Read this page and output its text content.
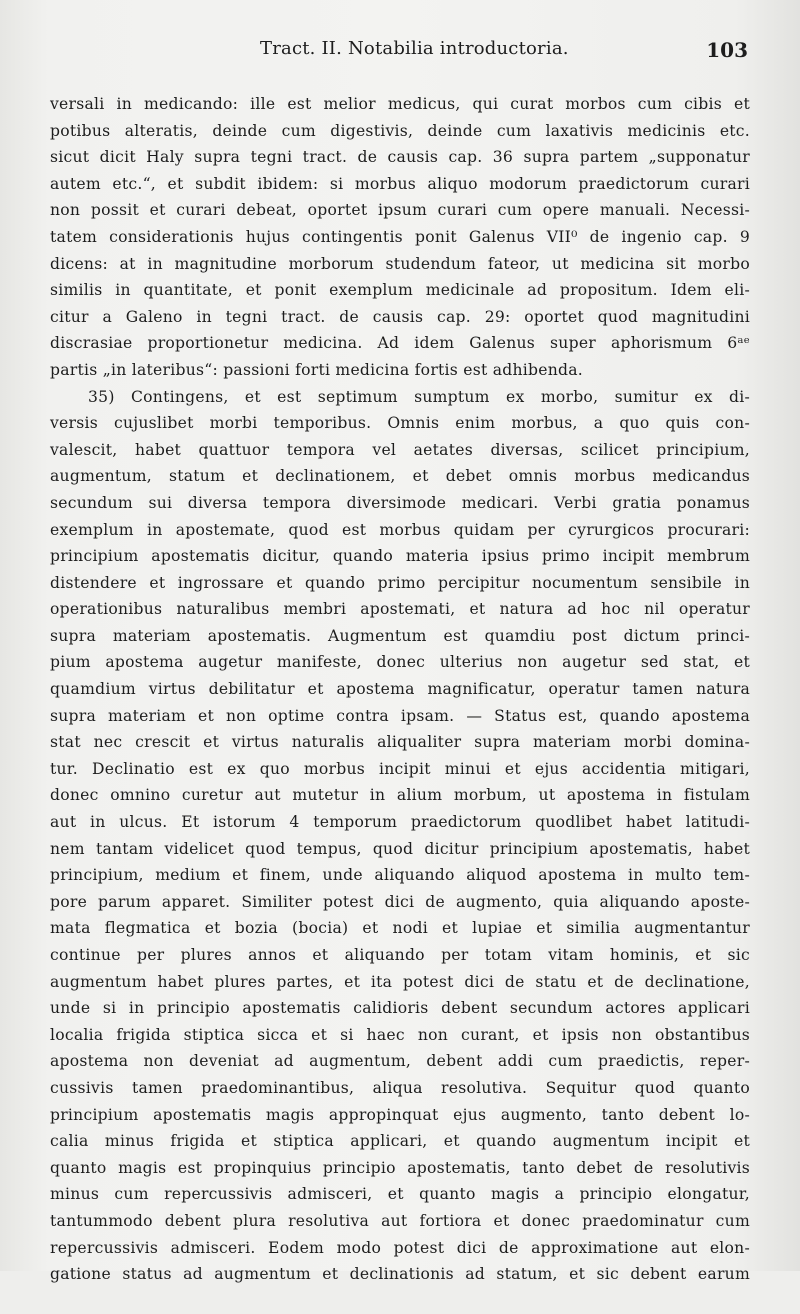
Tract. II. Notabilia introductoria.	103
versali in medicando: ille est melior medicus, qui curat morbos cum cibis et
potibus alteratis, deinde cum digestivis, deinde cum laxativis medicinis etc.
sicut dicit Haly supra tegni tract. de causis cap. 36 supra partem „supponatur
autem etc.“, et subdit ibidem: si morbus aliquo modorum praedictorum curari
non possit et curari debeat, oportet ipsum curari cum opere manuali. Necessi-
tatem considerationis hujus contingentis ponit Galenus VII⁰ de ingenio cap. 9
dicens: at in magnitudine morborum studendum fateor, ut medicina sit morbo
similis in quantitate, et ponit exemplum medicinale ad propositum. Idem eli-
citur a Galeno in tegni tract. de causis cap. 29: oportet quod magnitudini
discrasiae proportionetur medicina. Ad idem Galenus super aphorismum 6ᵃᵉ
partis „in lateribus“: passioni forti medicina fortis est adhibenda.
35) Contingens, et est septimum sumptum ex morbo, sumitur ex di-
versis cujuslibet morbi temporibus. Omnis enim morbus, a quo quis con-
valescit, habet quattuor tempora vel aetates diversas, scilicet principium,
augmentum, statum et declinationem, et debet omnis morbus medicandus
secundum sui diversa tempora diversimode medicari. Verbi gratia ponamus
exemplum in apostemate, quod est morbus quidam per cyrurgicos procurari:
principium apostematis dicitur, quando materia ipsius primo incipit membrum
distendere et ingrossare et quando primo percipitur nocumentum sensibile in
operationibus naturalibus membri apostemati, et natura ad hoc nil operatur
supra materiam apostematis. Augmentum est quamdiu post dictum princi-
pium apostema augetur manifeste, donec ulterius non augetur sed stat, et
quamdium virtus debilitatur et apostema magnificatur, operatur tamen natura
supra materiam et non optime contra ipsam. — Status est, quando apostema
stat nec crescit et virtus naturalis aliqualiter supra materiam morbi domina-
tur. Declinatio est ex quo morbus incipit minui et ejus accidentia mitigari,
donec omnino curetur aut mutetur in alium morbum, ut apostema in fistulam
aut in ulcus. Et istorum 4 temporum praedictorum quodlibet habet latitudi-
nem tantam videlicet quod tempus, quod dicitur principium apostematis, habet
principium, medium et finem, unde aliquando aliquod apostema in multo tem-
pore parum apparet. Similiter potest dici de augmento, quia aliquando aposte-
mata flegmatica et bozia (bocia) et nodi et lupiae et similia augmentantur
continue per plures annos et aliquando per totam vitam hominis, et sic
augmentum habet plures partes, et ita potest dici de statu et de declinatione,
unde si in principio apostematis calidioris debent secundum actores applicari
localia frigida stiptica sicca et si haec non curant, et ipsis non obstantibus
apostema non deveniat ad augmentum, debent addi cum praedictis, reper-
cussivis tamen praedominantibus, aliqua resolutiva. Sequitur quod quanto
principium apostematis magis appropinquat ejus augmento, tanto debent lo-
calia minus frigida et stiptica applicari, et quando augmentum incipit et
quanto magis est propinquius principio apostematis, tanto debet de resolutivis
minus cum repercussivis admisceri, et quanto magis a principio elongatur,
tantummodo debent plura resolutiva aut fortiora et donec praedominatur cum
repercussivis admisceri. Eodem modo potest dici de approximatione aut elon-
gatione status ad augmentum et declinationis ad statum, et sic debent earum
